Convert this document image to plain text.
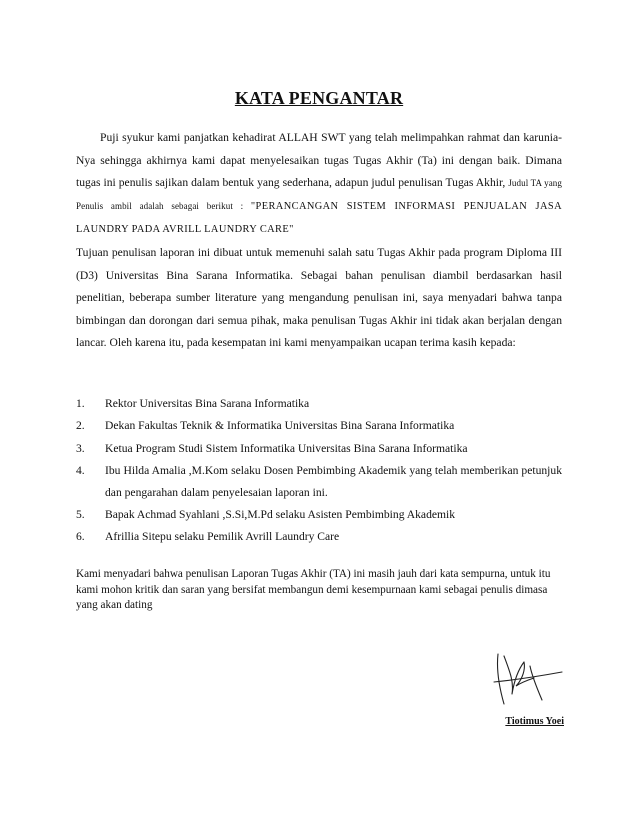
KATA PENGANTAR
Puji syukur kami panjatkan kehadirat ALLAH SWT yang telah melimpahkan rahmat dan karunia-Nya sehingga akhirnya kami dapat menyelesaikan tugas Tugas Akhir (Ta) ini dengan baik. Dimana tugas ini penulis sajikan dalam bentuk yang sederhana, adapun judul penulisan Tugas Akhir, Judul TA yang Penulis ambil adalah sebagai berikut : "PERANCANGAN SISTEM INFORMASI PENJUALAN JASA LAUNDRY PADA AVRILL LAUNDRY CARE"
Tujuan penulisan laporan ini dibuat untuk memenuhi salah satu Tugas Akhir pada program Diploma III (D3) Universitas Bina Sarana Informatika. Sebagai bahan penulisan diambil berdasarkan hasil penelitian, beberapa sumber literature yang mengandung penulisan ini, saya menyadari bahwa tanpa bimbingan dan dorongan dari semua pihak, maka penulisan Tugas Akhir ini tidak akan berjalan dengan lancar. Oleh karena itu, pada kesempatan ini kami menyampaikan ucapan terima kasih kepada:
1. Rektor Universitas Bina Sarana Informatika
2. Dekan Fakultas Teknik & Informatika Universitas Bina Sarana Informatika
3. Ketua Program Studi Sistem Informatika Universitas Bina Sarana Informatika
4. Ibu Hilda Amalia ,M.Kom selaku Dosen Pembimbing Akademik yang telah memberikan petunjuk dan pengarahan dalam penyelesaian laporan ini.
5. Bapak Achmad Syahlani ,S.Si,M.Pd selaku Asisten Pembimbing Akademik
6. Afrillia Sitepu selaku Pemilik Avrill Laundry Care
Kami menyadari bahwa penulisan Laporan Tugas Akhir (TA) ini masih jauh dari kata sempurna, untuk itu kami mohon kritik dan saran yang bersifat membangun demi kesempurnaan kami sebagai penulis dimasa yang akan dating
Tiotimus Yoei
